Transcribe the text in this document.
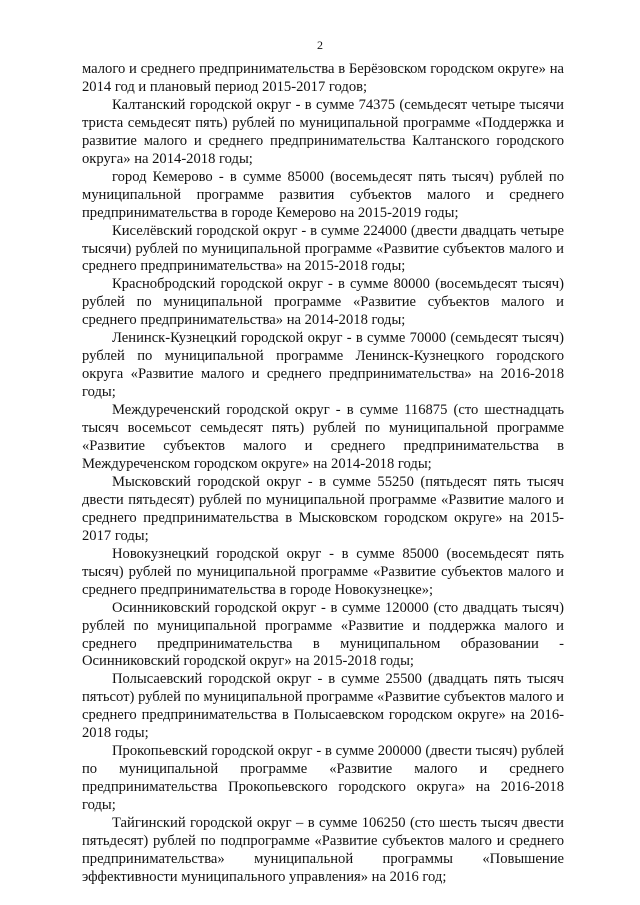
2

малого и среднего предпринимательства в Берёзовском городском округе» на 2014 год и плановый период 2015-2017 годов;

Калтанский городской округ - в сумме 74375 (семьдесят четыре тысячи триста семьдесят пять) рублей по муниципальной программе «Поддержка и развитие малого и среднего предпринимательства Калтанского городского округа» на 2014-2018 годы;

город Кемерово - в сумме 85000 (восемьдесят пять тысяч) рублей по муниципальной программе развития субъектов малого и среднего предпринимательства в городе Кемерово на 2015-2019 годы;

Киселёвский городской округ - в сумме 224000 (двести двадцать четыре тысячи) рублей по муниципальной программе «Развитие субъектов малого и среднего предпринимательства» на 2015-2018 годы;

Краснобродский городской округ - в сумме 80000 (восемьдесят тысяч) рублей по муниципальной программе «Развитие субъектов малого и среднего предпринимательства» на 2014-2018 годы;

Ленинск-Кузнецкий городской округ - в сумме 70000 (семьдесят тысяч) рублей по муниципальной программе Ленинск-Кузнецкого городского округа «Развитие малого и среднего предпринимательства» на 2016-2018 годы;

Междуреченский городской округ - в сумме 116875 (сто шестнадцать тысяч восемьсот семьдесят пять) рублей по муниципальной программе «Развитие субъектов малого и среднего предпринимательства в Междуреченском городском округе» на 2014-2018 годы;

Мысковский городской округ - в сумме 55250 (пятьдесят пять тысяч двести пятьдесят) рублей по муниципальной программе «Развитие малого и среднего предпринимательства в Мысковском городском округе» на 2015-2017 годы;

Новокузнецкий городской округ - в сумме 85000 (восемьдесят пять тысяч) рублей по муниципальной программе «Развитие субъектов малого и среднего предпринимательства в городе Новокузнецке»;

Осинниковский городской округ - в сумме 120000 (сто двадцать тысяч) рублей по муниципальной программе «Развитие и поддержка малого и среднего предпринимательства в муниципальном образовании - Осинниковский городской округ» на 2015-2018 годы;

Полысаевский городской округ - в сумме 25500 (двадцать пять тысяч пятьсот) рублей по муниципальной программе «Развитие субъектов малого и среднего предпринимательства в Полысаевском городском округе» на 2016-2018 годы;

Прокопьевский городской округ - в сумме 200000 (двести тысяч) рублей по муниципальной программе «Развитие малого и среднего предпринимательства Прокопьевского городского округа» на 2016-2018 годы;

Тайгинский городской округ – в сумме 106250 (сто шесть тысяч двести пятьдесят) рублей по подпрограмме «Развитие субъектов малого и среднего предпринимательства» муниципальной программы «Повышение эффективности муниципального управления» на 2016 год;
